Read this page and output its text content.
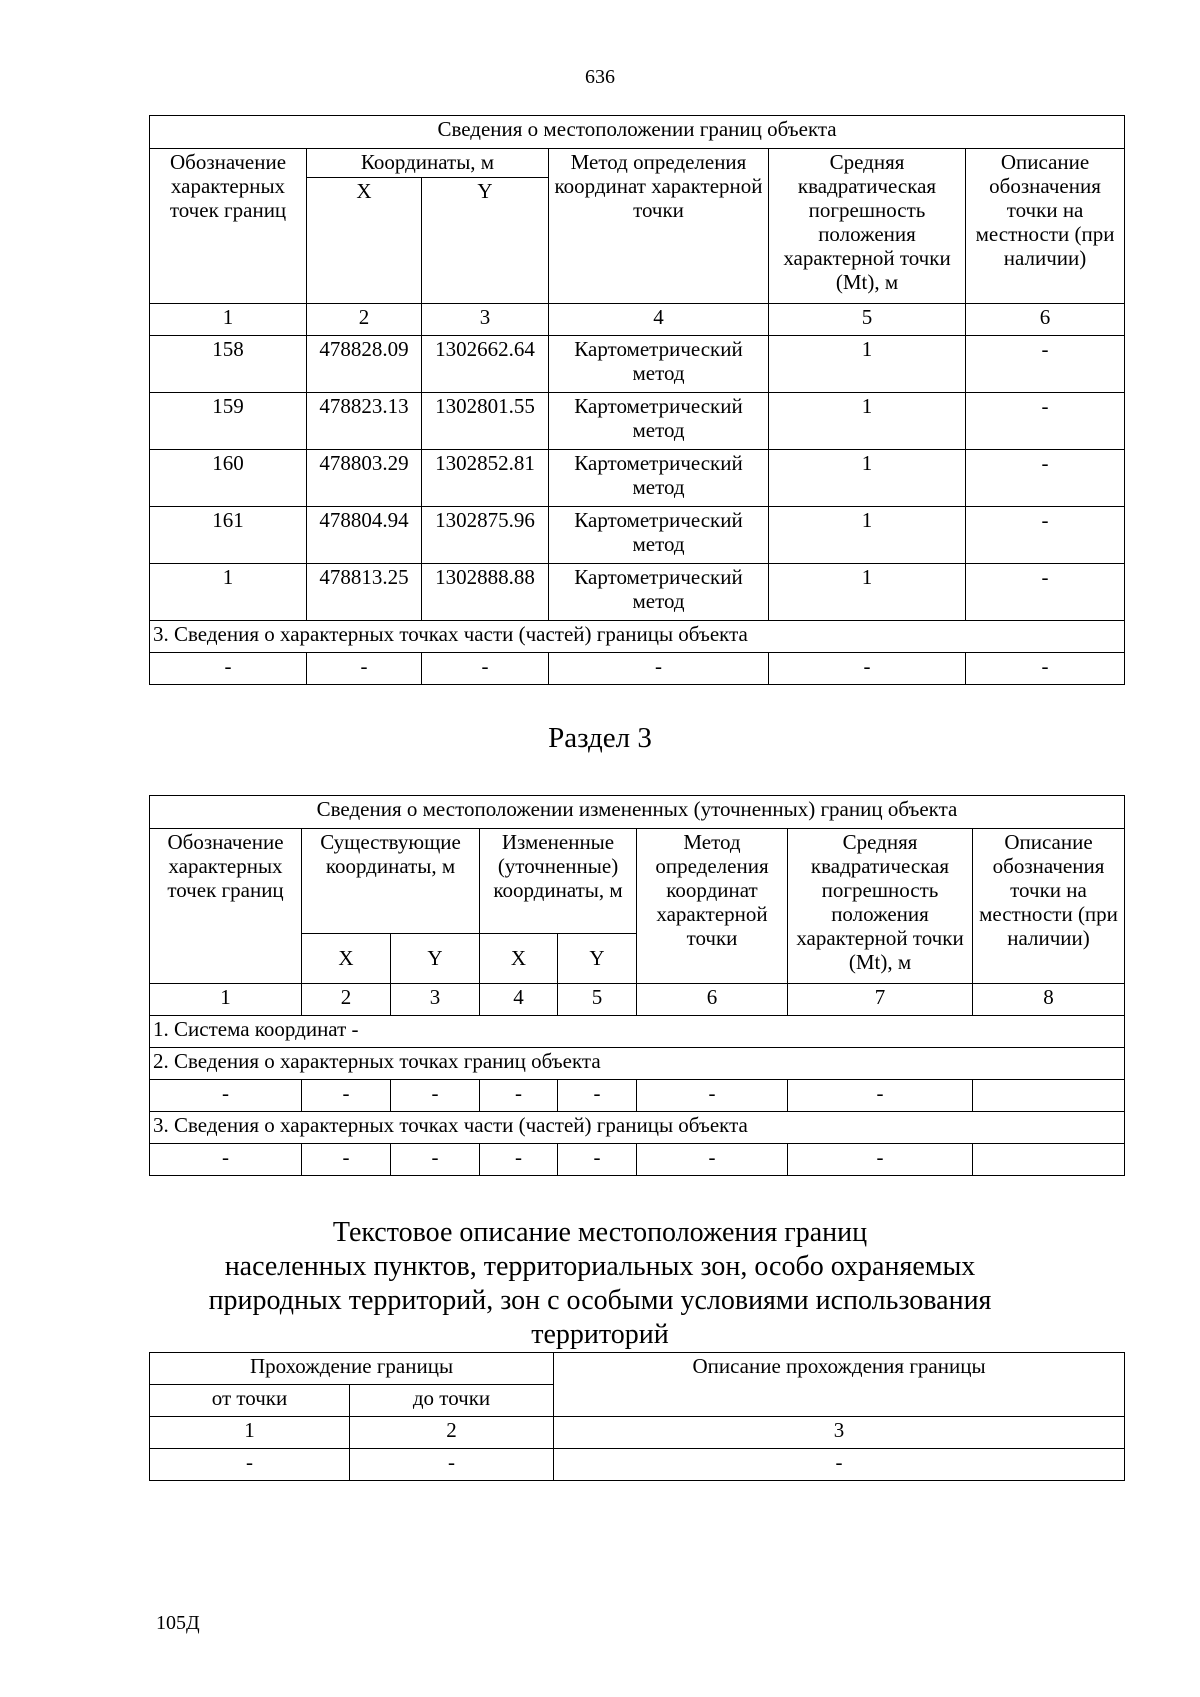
636
Сведения о местоположении границ объекта					
Обозначение характерных точек границ	Координаты, м		Метод определения координат характерной точки	Средняя квадратическая погрешность положения характерной точки (Mt), м	Описание обозначения точки на местности (при наличии)
	X	Y			
1	2	3	4	5	6
158	478828.09	1302662.64	Картометрический метод	1	-
159	478823.13	1302801.55	Картометрический метод	1	-
160	478803.29	1302852.81	Картометрический метод	1	-
161	478804.94	1302875.96	Картометрический метод	1	-
1	478813.25	1302888.88	Картометрический метод	1	-
3. Сведения о характерных точках части (частей) границы объекта					
-	-	-	-	-	-
Раздел 3
Сведения о местоположении измененных (уточненных) границ объекта							
Обозначение характерных точек границ	Существующие координаты, м		Измененные (уточненные) координаты, м		Метод определения координат характерной точки	Средняя квадратическая погрешность положения характерной точки (Mt), м	Описание обозначения точки на местности (при наличии)
	X	Y	X	Y			
1	2	3	4	5	6	7	8
1. Система координат -							
2. Сведения о характерных точках границ объекта							
-	-	-	-	-	-	-	
3. Сведения о характерных точках части (частей) границы объекта							
-	-	-	-	-	-	-	
Текстовое описание местоположения границ
населенных пунктов, территориальных зон, особо охраняемых
природных территорий, зон с особыми условиями использования
территорий
Прохождение границы		Описание прохождения границы
от точки	до точки	
1	2	3
-	-	-
105Д
